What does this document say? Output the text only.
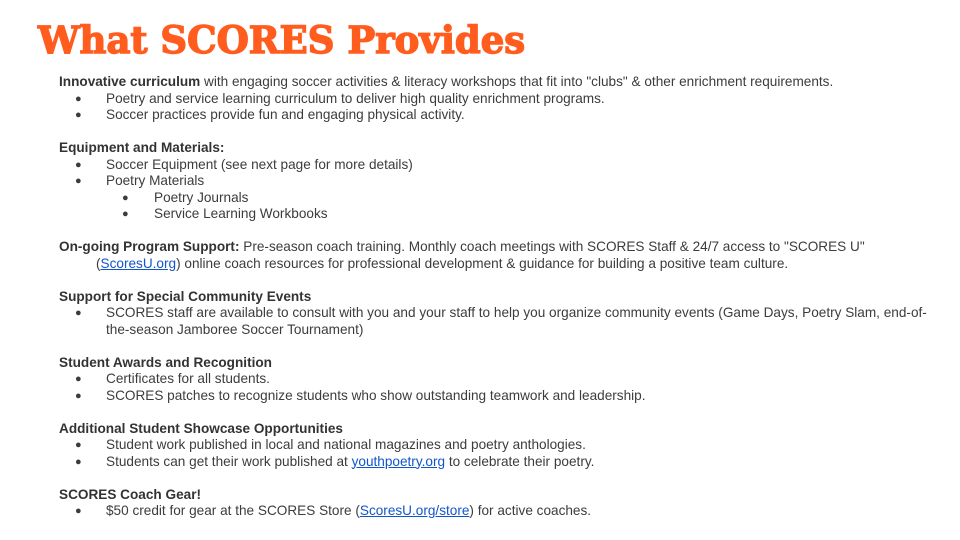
What SCORES Provides

Innovative curriculum with engaging soccer activities & literacy workshops that fit into "clubs" & other enrichment requirements.

● Poetry and service learning curriculum to deliver high quality enrichment programs.
● Soccer practices provide fun and engaging physical activity.

Equipment and Materials:

● Soccer Equipment (see next page for more details)
● Poetry Materials
● Poetry Journals
● Service Learning Workbooks

On-going Program Support: Pre-season coach training. Monthly coach meetings with SCORES Staff & 24/7 access to "SCORES U" (ScoresU.org) online coach resources for professional development & guidance for building a positive team culture.

Support for Special Community Events

● SCORES staff are available to consult with you and your staff to help you organize community events (Game Days, Poetry Slam, end-of-the-season Jamboree Soccer Tournament)

Student Awards and Recognition

● Certificates for all students.
● SCORES patches to recognize students who show outstanding teamwork and leadership.

Additional Student Showcase Opportunities

● Student work published in local and national magazines and poetry anthologies.
● Students can get their work published at youthpoetry.org to celebrate their poetry.

SCORES Coach Gear!

● $50 credit for gear at the SCORES Store (ScoresU.org/store) for active coaches.
